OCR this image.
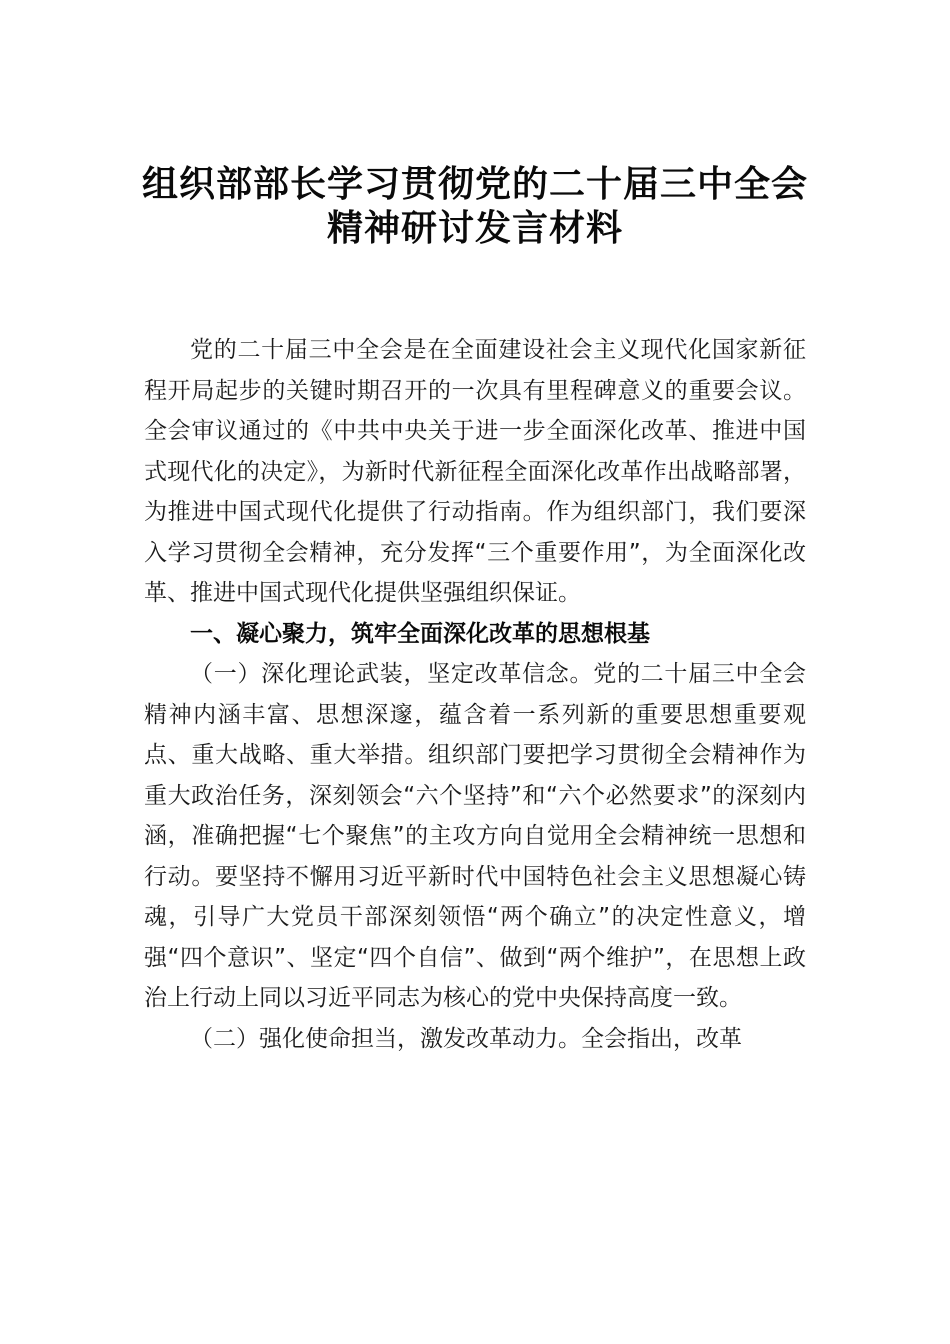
组织部部长学习贯彻党的二十届三中全会
精神研讨发言材料

党的二十届三中全会是在全面建设社会主义现代化国家新征程开局起步的关键时期召开的一次具有里程碑意义的重要会议。全会审议通过的《中共中央关于进一步全面深化改革、推进中国式现代化的决定》，为新时代新征程全面深化改革作出战略部署，为推进中国式现代化提供了行动指南。作为组织部门，我们要深入学习贯彻全会精神，充分发挥“三个重要作用”，为全面深化改革、推进中国式现代化提供坚强组织保证。

一、凝心聚力，筑牢全面深化改革的思想根基

（一）深化理论武装，坚定改革信念。党的二十届三中全会精神内涵丰富、思想深邃，蕴含着一系列新的重要思想重要观点、重大战略、重大举措。组织部门要把学习贯彻全会精神作为重大政治任务，深刻领会“六个坚持”和“六个必然要求”的深刻内涵，准确把握“七个聚焦”的主攻方向自觉用全会精神统一思想和行动。要坚持不懈用习近平新时代中国特色社会主义思想凝心铸魂，引导广大党员干部深刻领悟“两个确立”的决定性意义，增强“四个意识”、坚定“四个自信”、做到“两个维护”，在思想上政治上行动上同以习近平同志为核心的党中央保持高度一致。

（二）强化使命担当，激发改革动力。全会指出，改革
